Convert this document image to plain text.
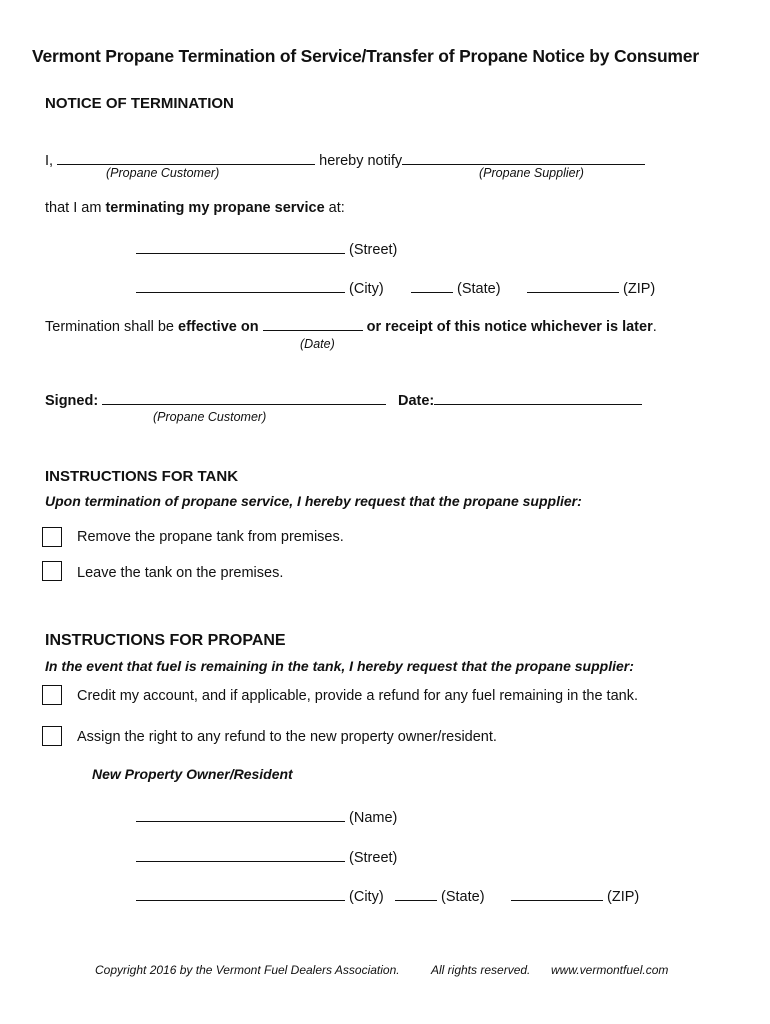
Vermont Propane Termination of Service/Transfer of Propane Notice by Consumer
NOTICE OF TERMINATION
I,	hereby notify
(Propane Customer)	(Propane Supplier)
that I am terminating my propane service at:
(Street)
(City)	(State)	(ZIP)
Termination shall be effective on	or receipt of this notice whichever is later.
(Date)
Signed:	Date:
(Propane Customer)
INSTRUCTIONS FOR TANK
Upon termination of propane service, I hereby request that the propane supplier:
Remove the propane tank from premises.
Leave the tank on the premises.
INSTRUCTIONS FOR PROPANE
In the event that fuel is remaining in the tank, I hereby request that the propane supplier:
Credit my account, and if applicable, provide a refund for any fuel remaining in the tank.
Assign the right to any refund to the new property owner/resident.
New Property Owner/Resident
(Name)
(Street)
(City)	(State)	(ZIP)
Copyright 2016 by the Vermont Fuel Dealers Association.	All rights reserved. www.vermontfuel.com
